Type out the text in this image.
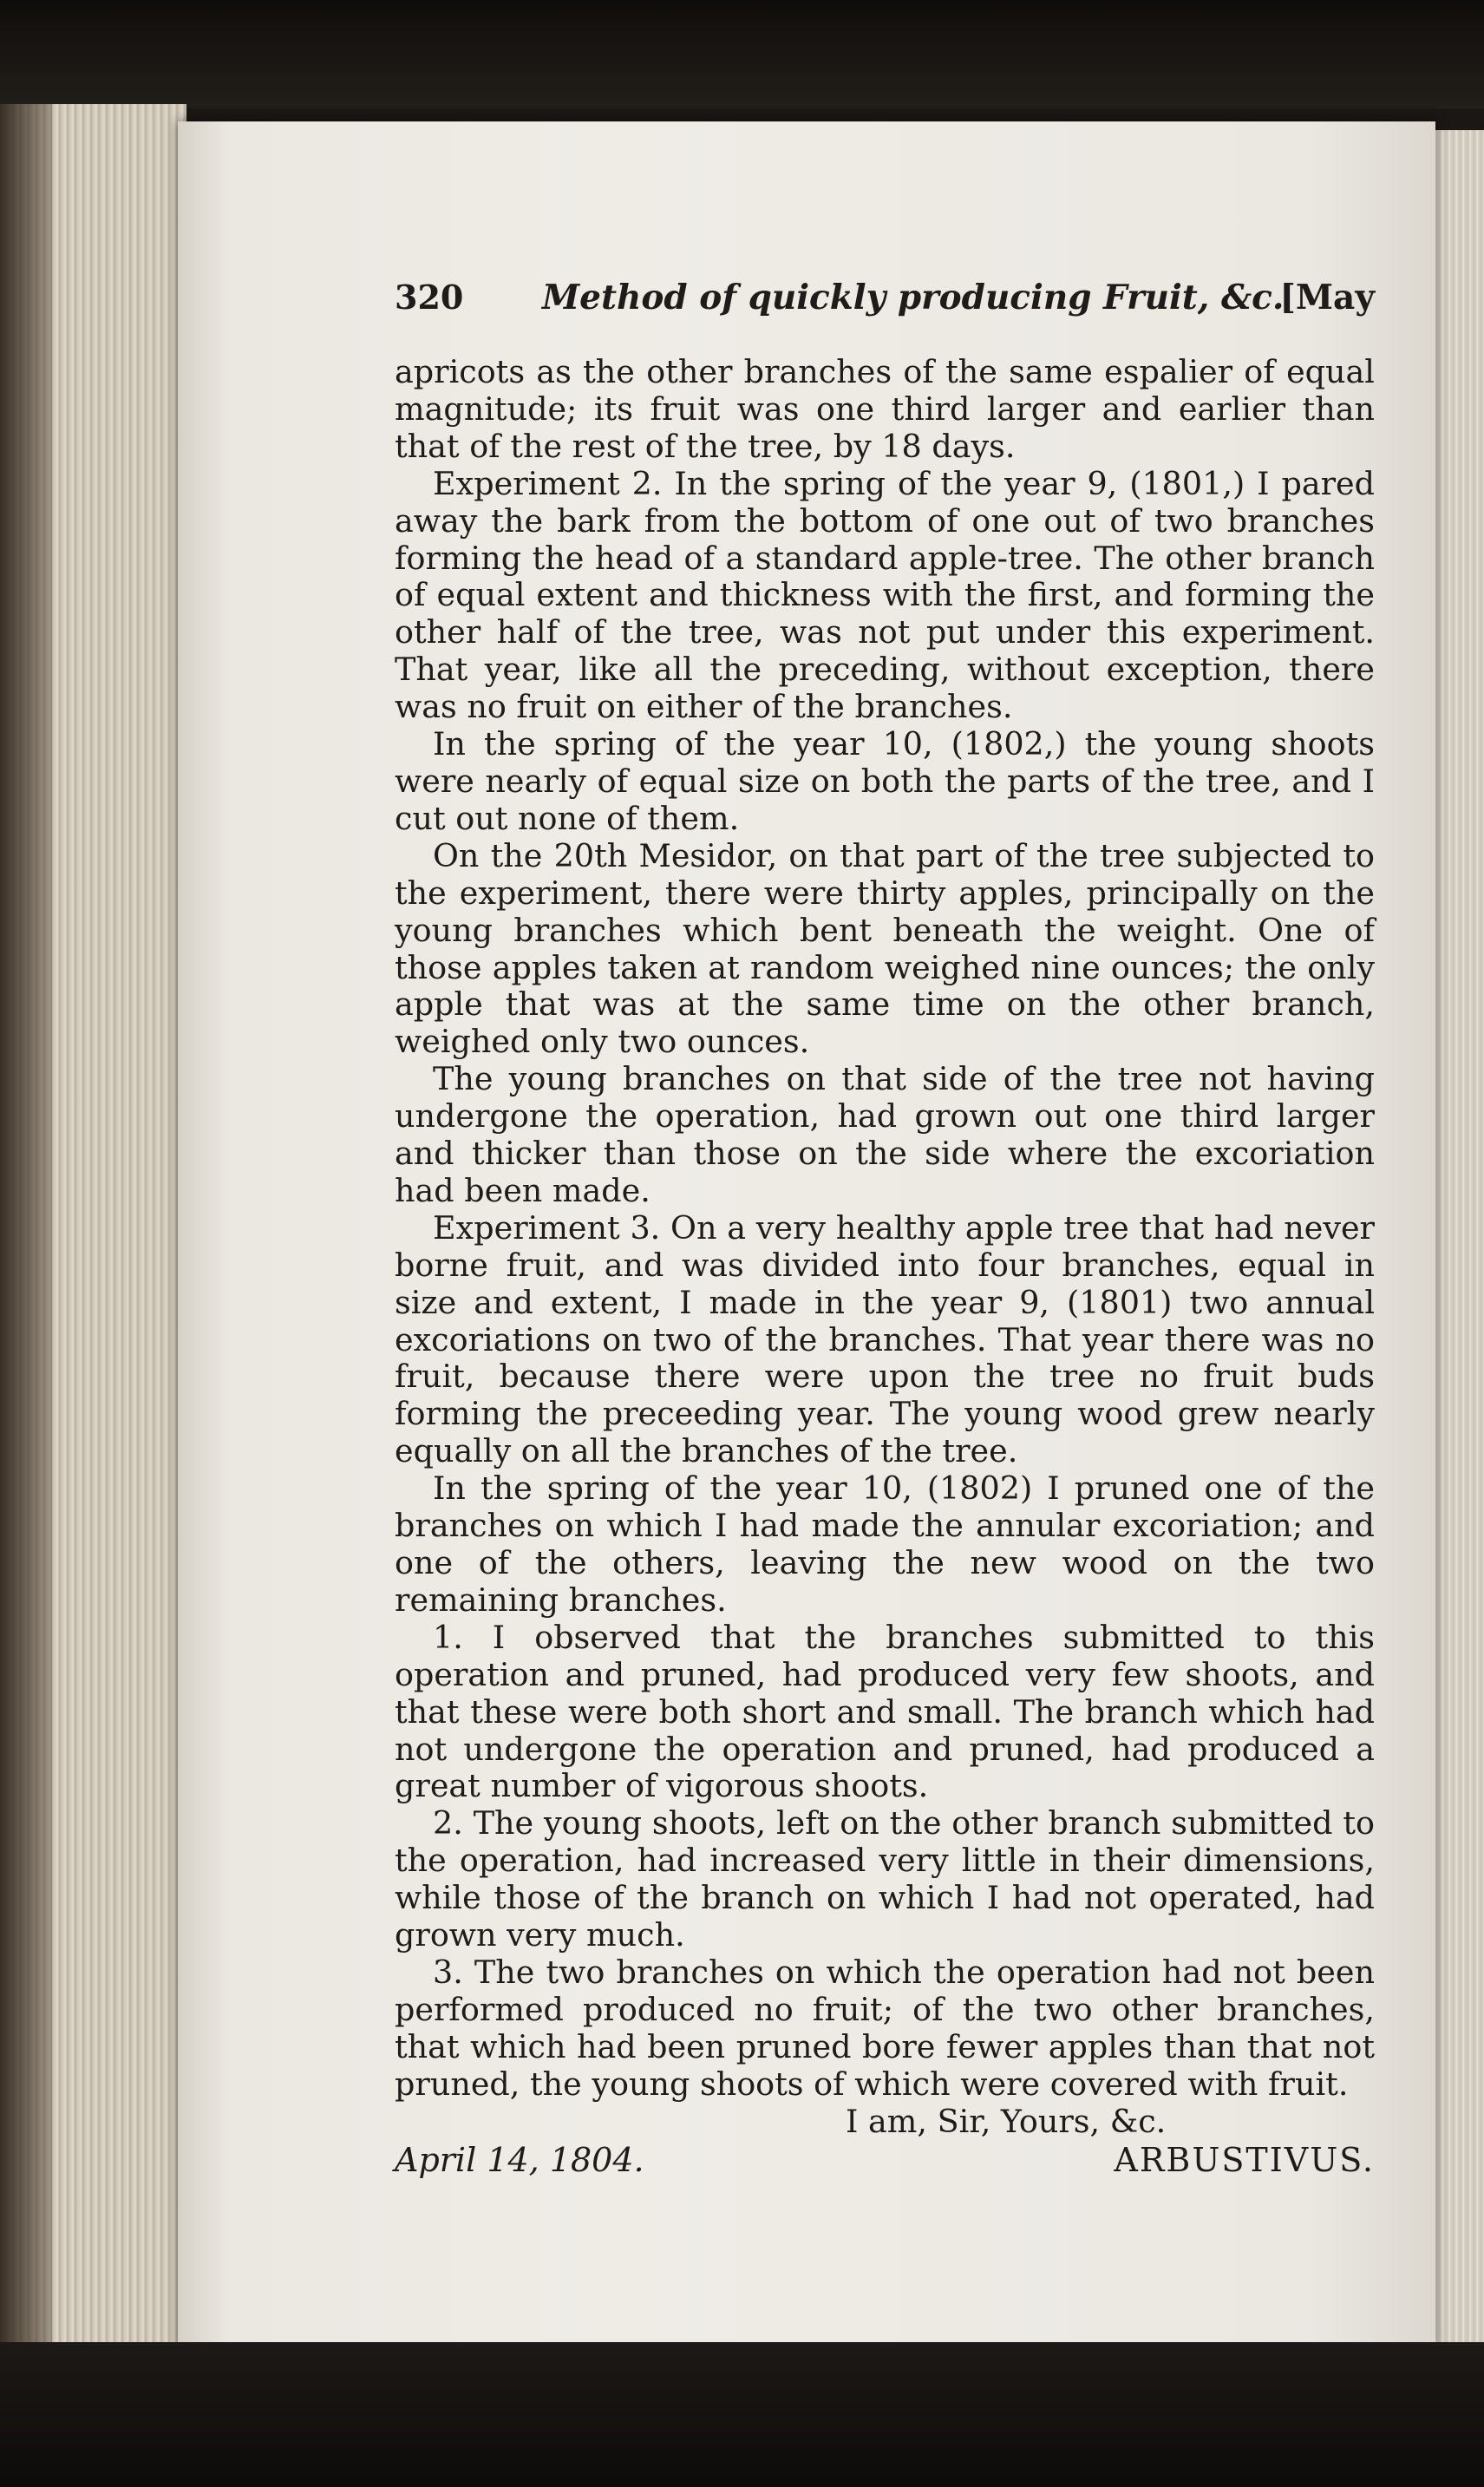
320 Method of quickly producing Fruit, &c.
[May

apricots as the other branches of the same espalier of equal magnitude; its fruit was one third larger and earlier than that of the rest of the tree, by 18 days.

Experiment 2. In the spring of the year 9, (1801,) I pared away the bark from the bottom of one out of two branches forming the head of a standard apple-tree. The other branch of equal extent and thickness with the first, and forming the other half of the tree, was not put under this experiment. That year, like all the preceding, without exception, there was no fruit on either of the branches.

In the spring of the year 10, (1802,) the young shoots were nearly of equal size on both the parts of the tree, and I cut out none of them.

On the 20th Mesidor, on that part of the tree subjected to the experiment, there were thirty apples, principally on the young branches which bent beneath the weight. One of those apples taken at random weighed nine ounces; the only apple that was at the same time on the other branch, weighed only two ounces.

The young branches on that side of the tree not having undergone the operation, had grown out one third larger and thicker than those on the side where the excoriation had been made.

Experiment 3. On a very healthy apple tree that had never borne fruit, and was divided into four branches, equal in size and extent, I made in the year 9, (1801) two annual excoriations on two of the branches. That year there was no fruit, because there were upon the tree no fruit buds forming the preceeding year. The young wood grew nearly equally on all the branches of the tree.

In the spring of the year 10, (1802) I pruned one of the branches on which I had made the annular excoriation; and one of the others, leaving the new wood on the two remaining branches.

1. I observed that the branches submitted to this operation and pruned, had produced very few shoots, and that these were both short and small. The branch which had not undergone the operation and pruned, had produced a great number of vigorous shoots.

2. The young shoots, left on the other branch submitted to the operation, had increased very little in their dimensions, while those of the branch on which I had not operated, had grown very much.

3. The two branches on which the operation had not been performed produced no fruit; of the two other branches, that which had been pruned bore fewer apples than that not pruned, the young shoots of which were covered with fruit.

I am, Sir, Yours, &c.
April 14, 1804.	ARBUSTIVUS.
